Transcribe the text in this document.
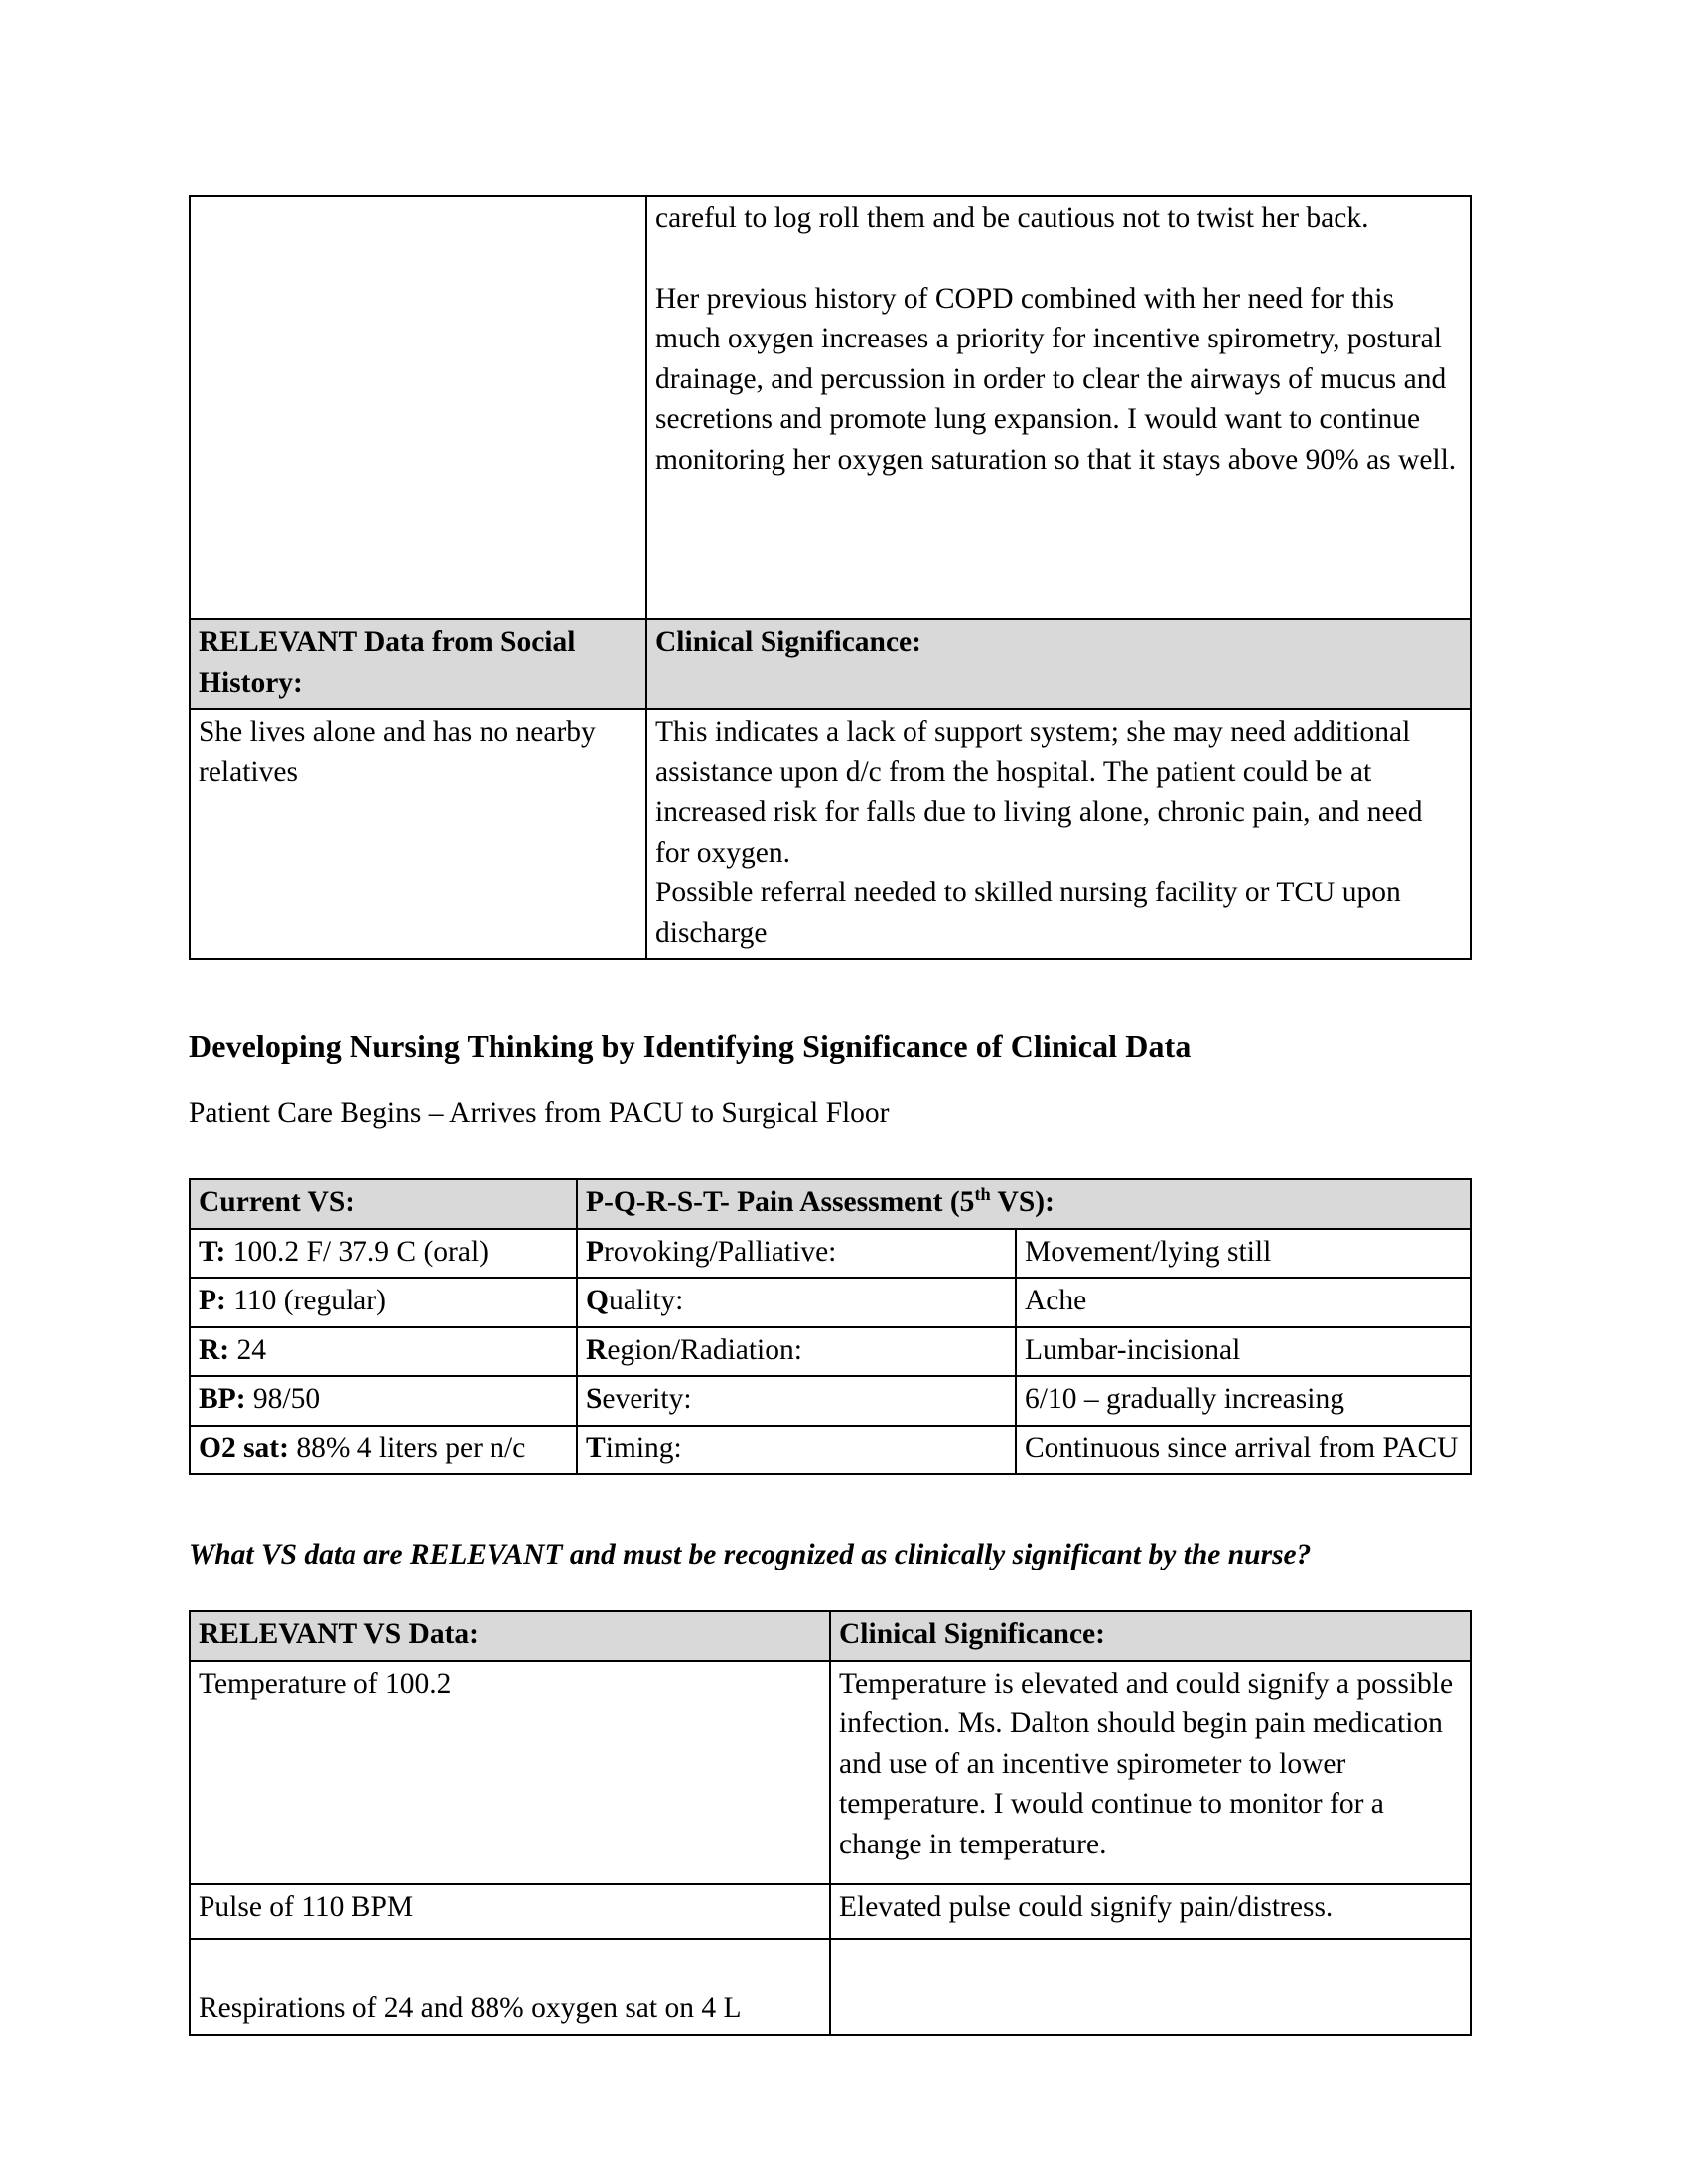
	careful to log roll them and be cautious not to twist her back.
Her previous history of COPD combined with her need for this much oxygen increases a priority for incentive spirometry, postural drainage, and percussion in order to clear the airways of mucus and secretions and promote lung expansion. I would want to continue monitoring her oxygen saturation so that it stays above 90% as well.
RELEVANT Data from Social History:	Clinical Significance:
She lives alone and has no nearby relatives	This indicates a lack of support system; she may need additional assistance upon d/c from the hospital. The patient could be at increased risk for falls due to living alone, chronic pain, and need for oxygen.
Possible referral needed to skilled nursing facility or TCU upon discharge
Developing Nursing Thinking by Identifying Significance of Clinical Data

Patient Care Begins – Arrives from PACU to Surgical Floor

Current VS:	P-Q-R-S-T- Pain Assessment (5th VS):	
T: 100.2 F/ 37.9 C (oral)	Provoking/Palliative:	Movement/lying still
P: 110 (regular)	Quality:	Ache
R: 24	Region/Radiation:	Lumbar-incisional
BP: 98/50	Severity:	6/10 – gradually increasing
O2 sat: 88% 4 liters per n/c	Timing:	Continuous since arrival from PACU

What VS data are RELEVANT and must be recognized as clinically significant by the nurse?

RELEVANT VS Data:	Clinical Significance:
Temperature of 100.2	Temperature is elevated and could signify a possible infection. Ms. Dalton should begin pain medication and use of an incentive spirometer to lower temperature. I would continue to monitor for a change in temperature.
Pulse of 110 BPM	Elevated pulse could signify pain/distress.
Respirations of 24 and 88% oxygen sat on 4 L	
